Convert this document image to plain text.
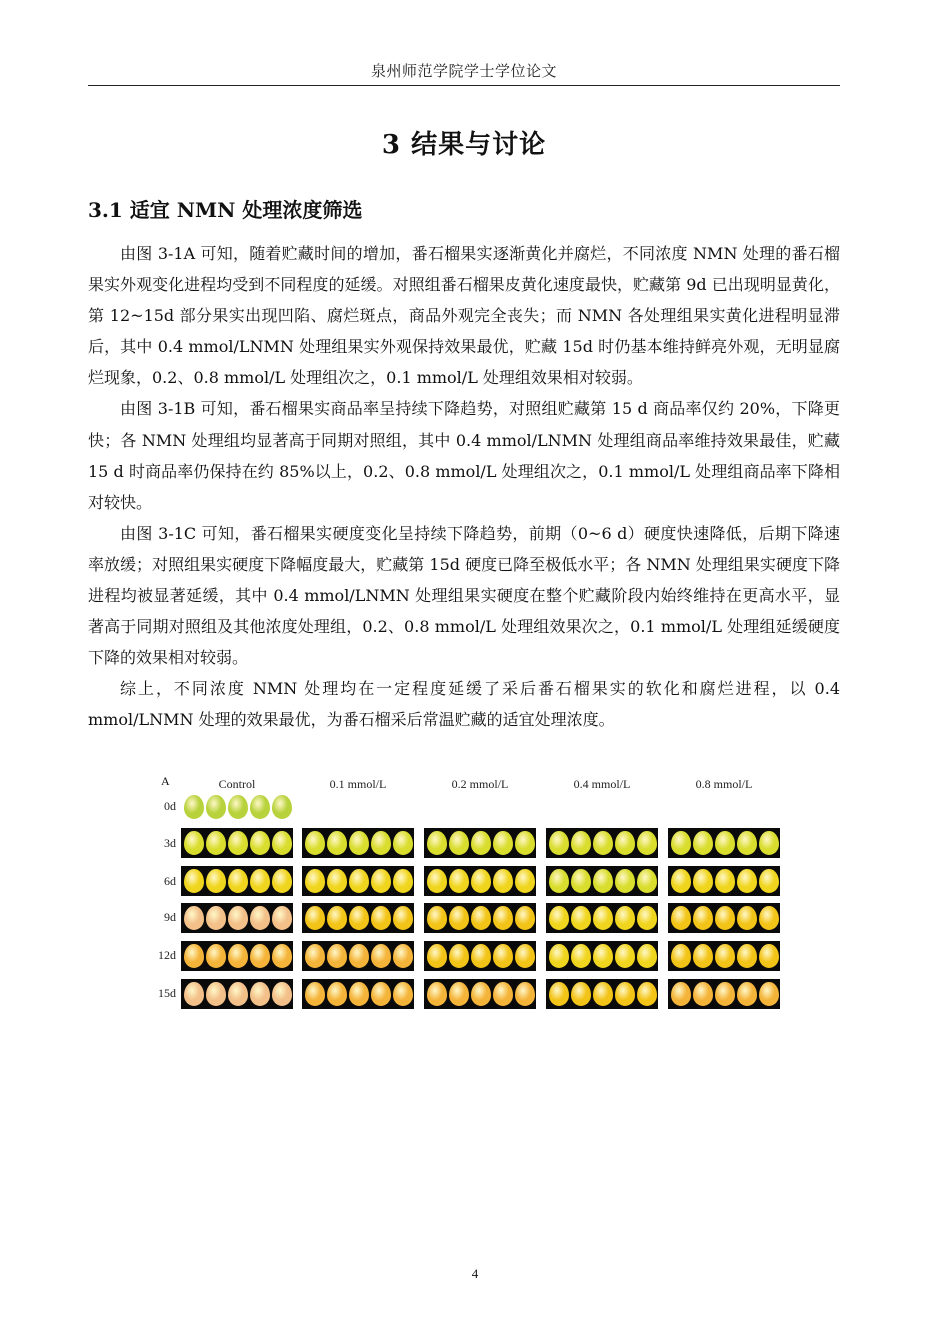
泉州师范学院学士学位论文
3 结果与讨论
3.1 适宜 NMN 处理浓度筛选

由图 3-1A 可知，随着贮藏时间的增加，番石榴果实逐渐黄化并腐烂，不同浓度 NMN 处理的番石榴果实外观变化进程均受到不同程度的延缓。对照组番石榴果皮黄化速度最快，贮藏第 9d 已出现明显黄化，第 12~15d 部分果实出现凹陷、腐烂斑点，商品外观完全丧失；而 NMN 各处理组果实黄化进程明显滞后，其中 0.4 mmol/LNMN 处理组果实外观保持效果最优，贮藏 15d 时仍基本维持鲜亮外观，无明显腐烂现象，0.2、0.8 mmol/L 处理组次之，0.1 mmol/L 处理组效果相对较弱。

由图 3-1B 可知，番石榴果实商品率呈持续下降趋势，对照组贮藏第 15 d 商品率仅约 20%，下降更快；各 NMN 处理组均显著高于同期对照组，其中 0.4 mmol/LNMN 处理组商品率维持效果最佳，贮藏 15 d 时商品率仍保持在约 85%以上，0.2、0.8 mmol/L 处理组次之，0.1 mmol/L 处理组商品率下降相对较快。

由图 3-1C 可知，番石榴果实硬度变化呈持续下降趋势，前期（0~6 d）硬度快速降低，后期下降速率放缓；对照组果实硬度下降幅度最大，贮藏第 15d 硬度已降至极低水平；各 NMN 处理组果实硬度下降进程均被显著延缓，其中 0.4 mmol/LNMN 处理组果实硬度在整个贮藏阶段内始终维持在更高水平，显著高于同期对照组及其他浓度处理组，0.2、0.8 mmol/L 处理组效果次之，0.1 mmol/L 处理组延缓硬度下降的效果相对较弱。

综上，不同浓度 NMN 处理均在一定程度延缓了采后番石榴果实的软化和腐烂进程，以 0.4 mmol/LNMN 处理的效果最优，为番石榴采后常温贮藏的适宜处理浓度。

A	Control	0.1 mmol/L	0.2 mmol/L	0.4 mmol/L	0.8 mmol/L
0d
3d
6d
9d
12d
15d
4
